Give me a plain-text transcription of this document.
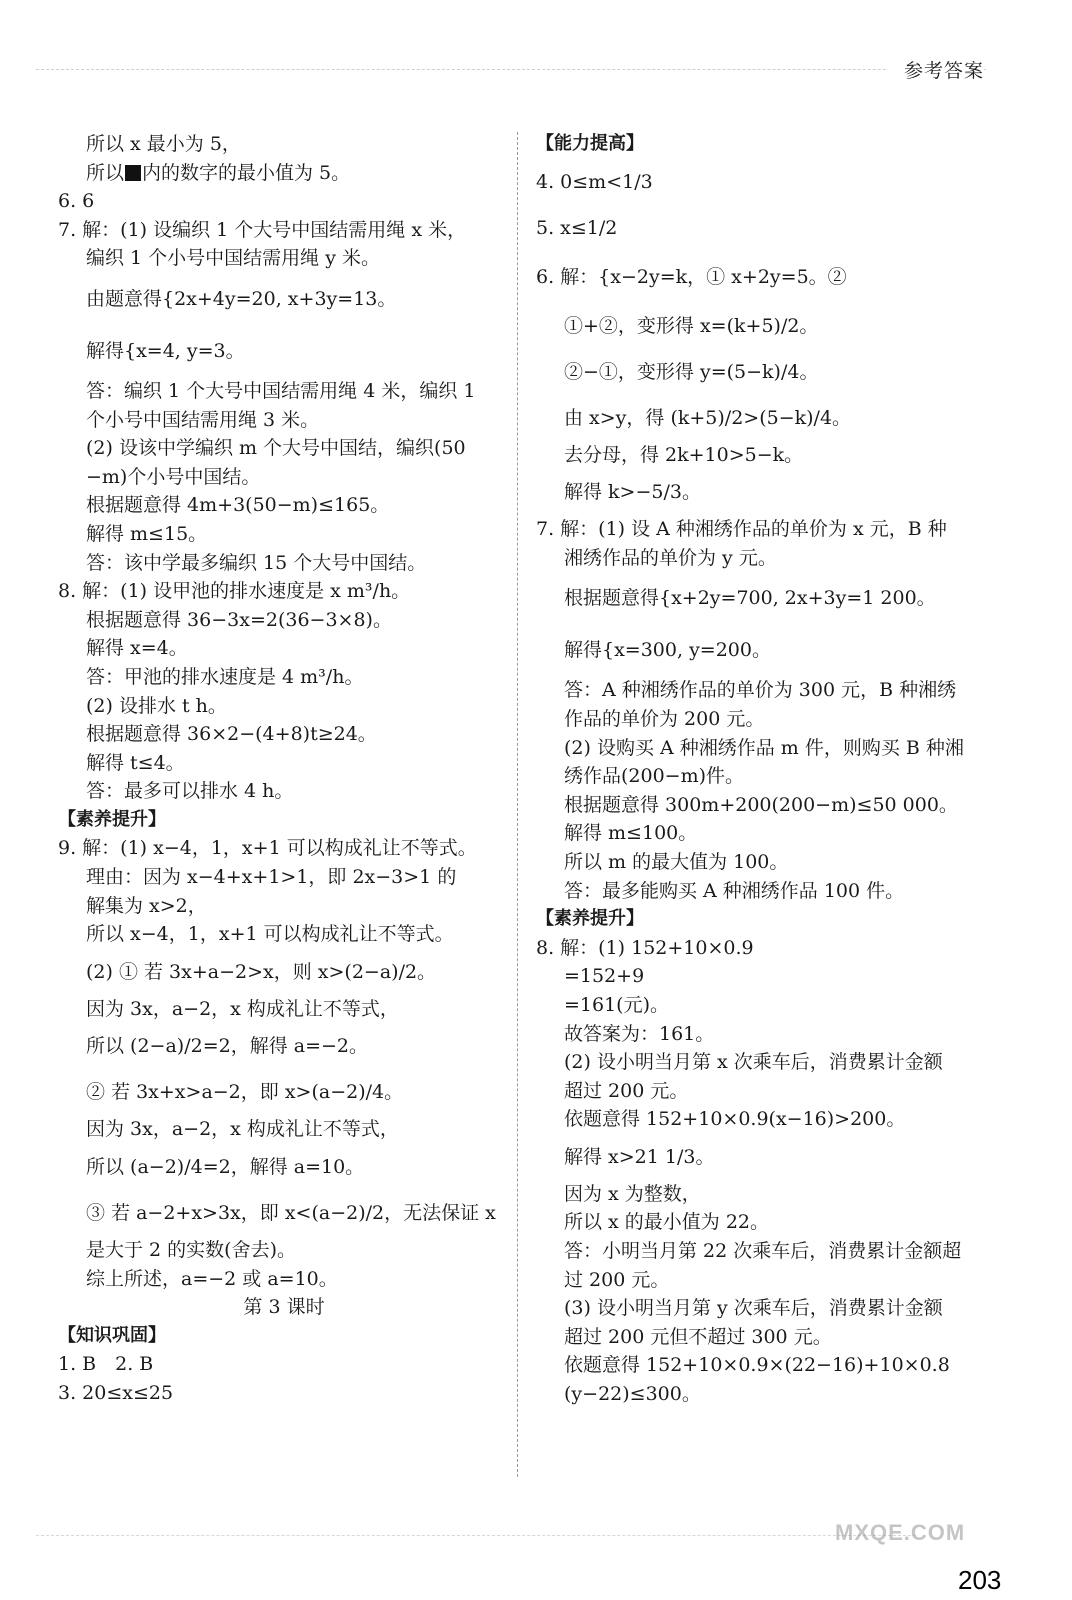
参考答案
所以 x 最小为 5，
所以 内的数字的最小值为 5。
6. 6
7. 解：(1) 设编织 1 个大号中国结需用绳 x 米，
编织 1 个小号中国结需用绳 y 米。
由题意得{2x+4y=20, x+3y=13。
解得{x=4, y=3。
答：编织 1 个大号中国结需用绳 4 米，编织 1
个小号中国结需用绳 3 米。
(2) 设该中学编织 m 个大号中国结，编织(50
−m)个小号中国结。
根据题意得 4m+3(50−m)≤165。
解得 m≤15。
答：该中学最多编织 15 个大号中国结。
8. 解：(1) 设甲池的排水速度是 x m³/h。
根据题意得 36−3x=2(36−3×8)。
解得 x=4。
答：甲池的排水速度是 4 m³/h。
(2) 设排水 t h。
根据题意得 36×2−(4+8)t≥24。
解得 t≤4。
答：最多可以排水 4 h。
【素养提升】
9. 解：(1) x−4，1，x+1 可以构成礼让不等式。
理由：因为 x−4+x+1>1，即 2x−3>1 的
解集为 x>2，
所以 x−4，1，x+1 可以构成礼让不等式。
(2) ① 若 3x+a−2>x，则 x>(2−a)/2。
因为 3x，a−2，x 构成礼让不等式，
所以 (2−a)/2=2，解得 a=−2。
② 若 3x+x>a−2，即 x>(a−2)/4。
因为 3x，a−2，x 构成礼让不等式，
所以 (a−2)/4=2，解得 a=10。
③ 若 a−2+x>3x，即 x<(a−2)/2，无法保证 x
是大于 2 的实数(舍去)。
综上所述，a=−2 或 a=10。
第 3 课时
【知识巩固】
1. B　2. B
3. 20≤x≤25
【能力提高】
4. 0≤m<1/3
5. x≤1/2
6. 解：{x−2y=k，① x+2y=5。②
①+②，变形得 x=(k+5)/2。
②−①，变形得 y=(5−k)/4。
由 x>y，得 (k+5)/2>(5−k)/4。
去分母，得 2k+10>5−k。
解得 k>−5/3。
7. 解：(1) 设 A 种湘绣作品的单价为 x 元，B 种
湘绣作品的单价为 y 元。
根据题意得{x+2y=700, 2x+3y=1 200。
解得{x=300, y=200。
答：A 种湘绣作品的单价为 300 元，B 种湘绣
作品的单价为 200 元。
(2) 设购买 A 种湘绣作品 m 件，则购买 B 种湘
绣作品(200−m)件。
根据题意得 300m+200(200−m)≤50 000。
解得 m≤100。
所以 m 的最大值为 100。
答：最多能购买 A 种湘绣作品 100 件。
【素养提升】
8. 解：(1) 152+10×0.9
=152+9
=161(元)。
故答案为：161。
(2) 设小明当月第 x 次乘车后，消费累计金额
超过 200 元。
依题意得 152+10×0.9(x−16)>200。
解得 x>21 1/3。
因为 x 为整数，
所以 x 的最小值为 22。
答：小明当月第 22 次乘车后，消费累计金额超
过 200 元。
(3) 设小明当月第 y 次乘车后，消费累计金额
超过 200 元但不超过 300 元。
依题意得 152+10×0.9×(22−16)+10×0.8
(y−22)≤300。
MXQE.COM
203
